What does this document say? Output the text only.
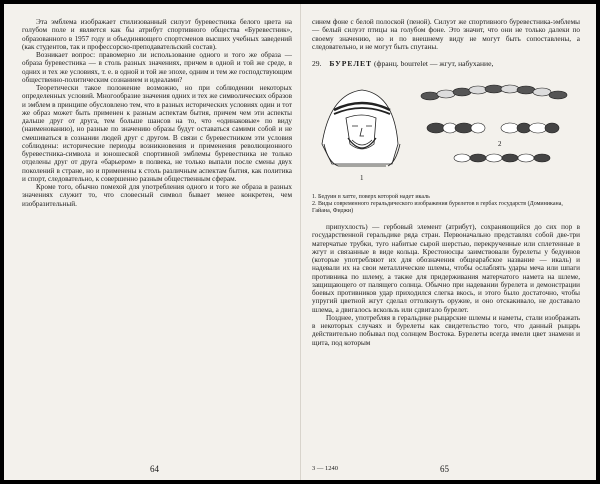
Эта эмблема изображает стилизованный силуэт буревестника белого цвета на голубом поле и является как бы атрибут спортивного общества «Буревестник», образованного в 1957 году и объединяющего спортсменов высших учебных заведений (как студентов, так и профессорско-преподавательский состав).

Возникает вопрос: правомерно ли использование одного и того же образа — образа буревестника — в столь разных значениях, причем в одной и той же среде, в одних и тех же условиях, т. е. в одной и той же эпохе, одним и тем же господствующим общественно-политическим сознанием и идеалами?

Теоретически такое положение возможно, но при соблюдении некоторых определенных условий. Многообразие значения одних и тех же символических образов и эмблем в принципе обусловлено тем, что в разных исторических условиях один и тот же образ может быть применен к разным аспектам бытия, причем чем эти аспекты дальше друг от друга, тем больше шансов на то, что «одинаковые» по виду (наименованию), но разные по значению образы будут оставаться самими собой и не смешиваться в сознании людей друг с другом. В связи с буревестником эти условия соблюдены: исторические периоды возникновения и применения революционного буревестника-символа и юношеской спортивной эмблемы буревестника не только отделены друг от друга «барьером» в полвека, не только выпали после смены двух поколений в стране, но и применены к столь различным аспектам бытия, как политика и спорт, следовательно, к совершенно разным общественным сферам.

Кроме того, обычно помехой для употребления одного и того же образа в разных значениях служит то, что словесный символ бывает менее конкретен, чем изобразительный.

64

синем фоне с белой полоской (пеной). Силуэт же спортивного буревестника-эмблемы — белый силуэт птицы на голубом фоне. Это значит, что они не только далеки по своему значению, но и по внешнему виду не могут быть сопоставлены, а следовательно, и не могут быть спутаны.

29. БУРЕЛЕТ (франц. bourrelet — жгут, набухание,
1
2

1. Бедуин в хатте, поверх которой надет икаль

2. Виды современного геральдического изображения бурелетов в гербах государств (Доминикана, Гайана, Фиджи)

припухлость) — гербовый элемент (атрибут), сохраняющийся до сих пор в государственной геральдике ряда стран. Первоначально представлял собой две-три матерчатые трубки, туго набитые сырой шерстью, перекрученные или сплетенные в жгут и связанные в виде кольца. Крестоносцы заимствовали бурелеты у бедуинов (которые употребляют их для обозначения общеарабское название — икаль) и надевали их на свои металлические шлемы, чтобы ослаблять удары меча или шпаги противника по шлему, а также для придерживания матерчатого намета на шлеме, защищающего от палящего солнца. Обычно при надевании бурелета и демонстрации боевых противников удар приходился слегка вкось, и этого было достаточно, чтобы упругий цветной жгут сделал оттолкнуть оружие, и оно отскакивало, не доставало шлема, а двигалось вскользь или сдвигало бурелет.

Позднее, употребляя в геральдике рыцарские шлемы и наметы, стали изображать в некоторых случаях и бурелеты как свидетельство того, что данный рыцарь действительно побывал под солнцем Востока. Бурелеты всегда имели цвет знамени и щита, под которым

3 — 1240	65
